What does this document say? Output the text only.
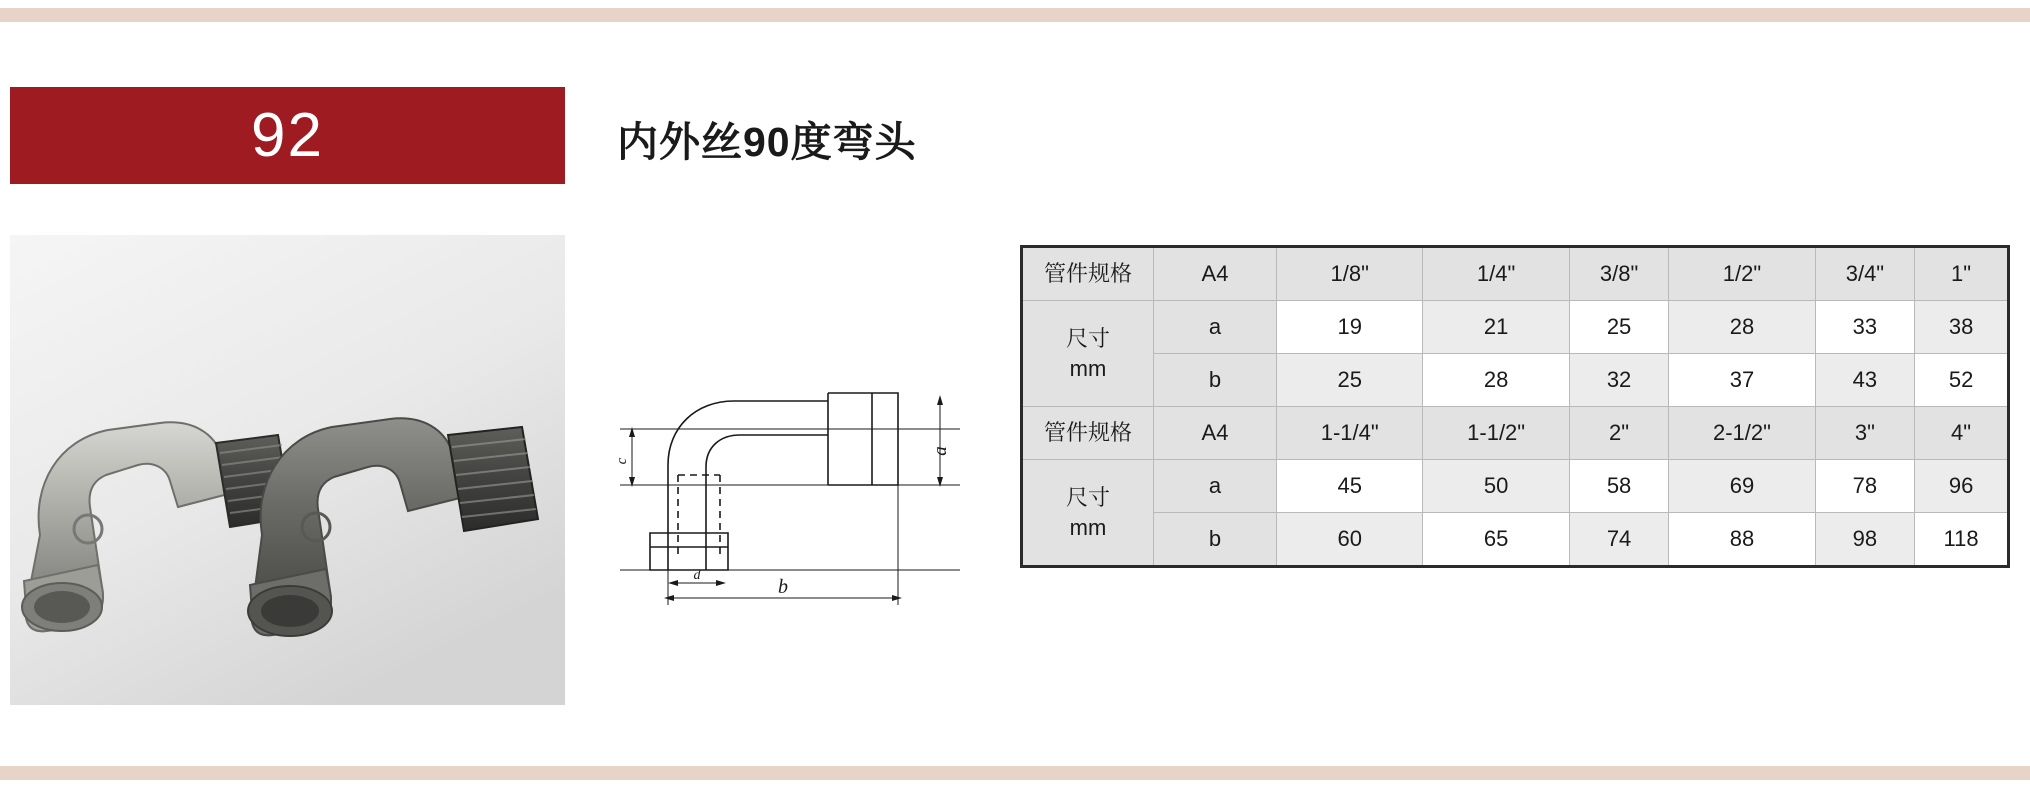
92	内外丝90度弯头
a
c
b
d
管件规格	A4	1/8"	1/4"	3/8"	1/2"	3/4"	1"

尺寸
mm	a	19	21	25	28	33	38
	b	25	28	32	37	43	52
管件规格	A4	1-1/4"	1-1/2"	2"	2-1/2"	3"	4"

尺寸
mm	a	45	50	58	69	78	96
	b	60	65	74	88	98	118
